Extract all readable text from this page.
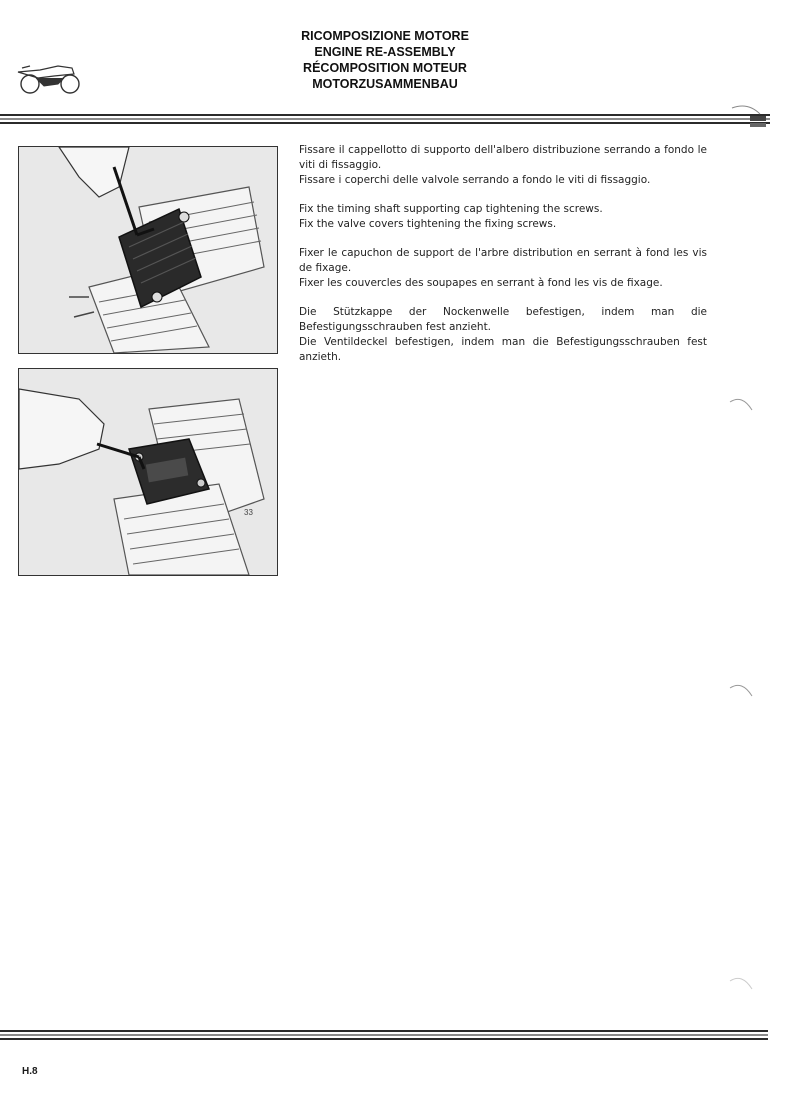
RICOMPOSIZIONE MOTORE
ENGINE RE-ASSEMBLY
RÉCOMPOSITION MOTEUR
MOTORZUSAMMENBAU
33

Fissare il cappellotto di supporto dell'albero distribuzione serrando a fondo le viti di fissaggio.
Fissare i coperchi delle valvole serrando a fondo le viti di fissaggio.

Fix the timing shaft supporting cap tightening the screws.
Fix the valve covers tightening the fixing screws.

Fixer le capuchon de support de l'arbre distribution en serrant à fond les vis de fixage.
Fixer les couvercles des soupapes en serrant à fond les vis de fixage.

Die Stützkappe der Nockenwelle befestigen, indem man die Befestigungsschrauben fest anzieht.
Die Ventildeckel befestigen, indem man die Befestigungsschrauben fest anzieth.

H.8
